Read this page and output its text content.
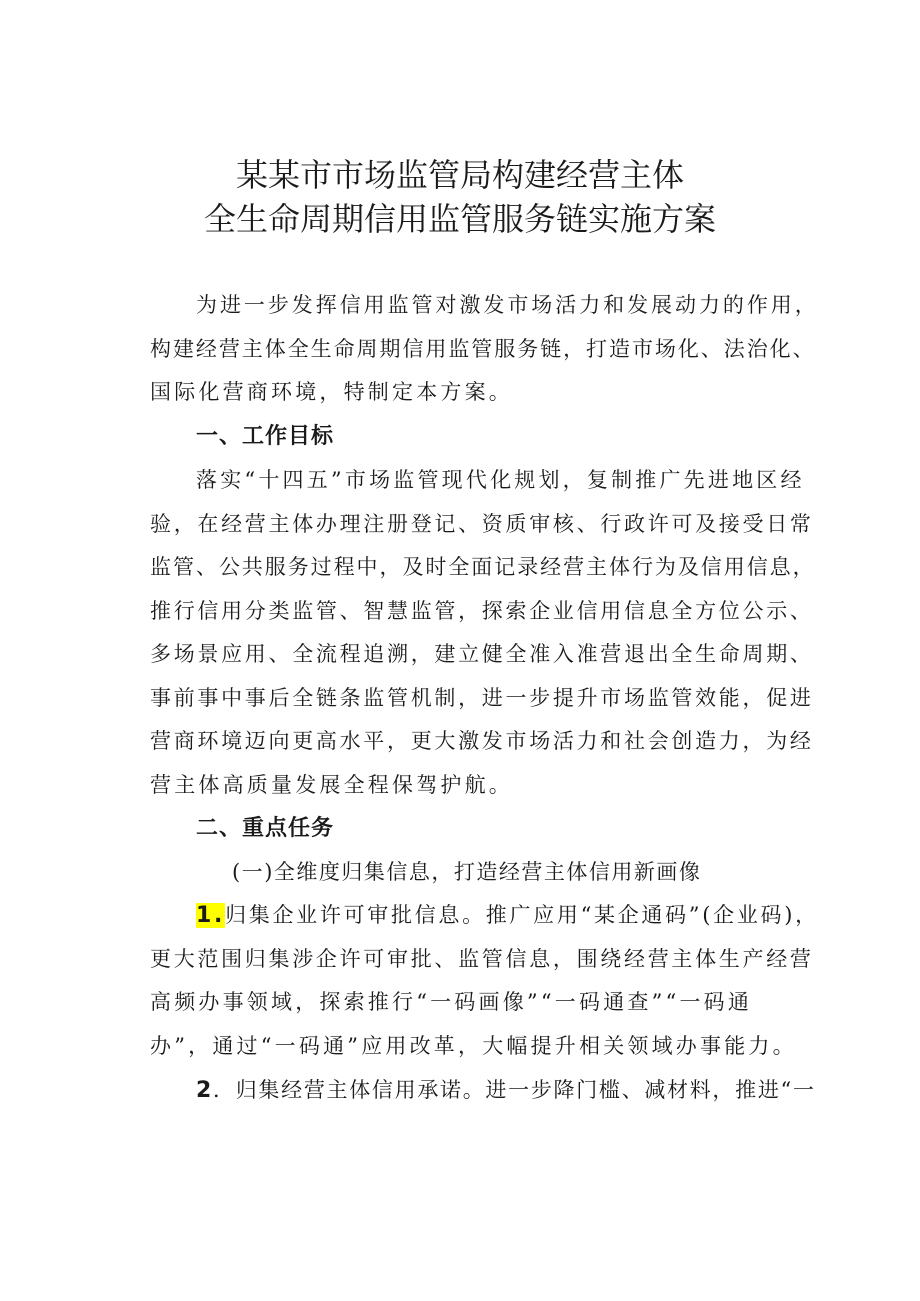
某某市市场监管局构建经营主体
全生命周期信用监管服务链实施方案
为进一步发挥信用监管对激发市场活力和发展动力的作用，
构建经营主体全生命周期信用监管服务链，打造市场化、法治化、
国际化营商环境，特制定本方案。
一、工作目标
落实“十四五”市场监管现代化规划，复制推广先进地区经
验，在经营主体办理注册登记、资质审核、行政许可及接受日常
监管、公共服务过程中，及时全面记录经营主体行为及信用信息，
推行信用分类监管、智慧监管，探索企业信用信息全方位公示、
多场景应用、全流程追溯，建立健全准入准营退出全生命周期、
事前事中事后全链条监管机制，进一步提升市场监管效能，促进
营商环境迈向更高水平，更大激发市场活力和社会创造力，为经
营主体高质量发展全程保驾护航。
二、重点任务
(一)全维度归集信息，打造经营主体信用新画像
1.归集企业许可审批信息。推广应用“某企通码”(企业码)，
更大范围归集涉企许可审批、监管信息，围绕经营主体生产经营
高频办事领域，探索推行“一码画像”“一码通查”“一码通
办”，通过“一码通”应用改革，大幅提升相关领域办事能力。
2．归集经营主体信用承诺。进一步降门槛、减材料，推进“一
